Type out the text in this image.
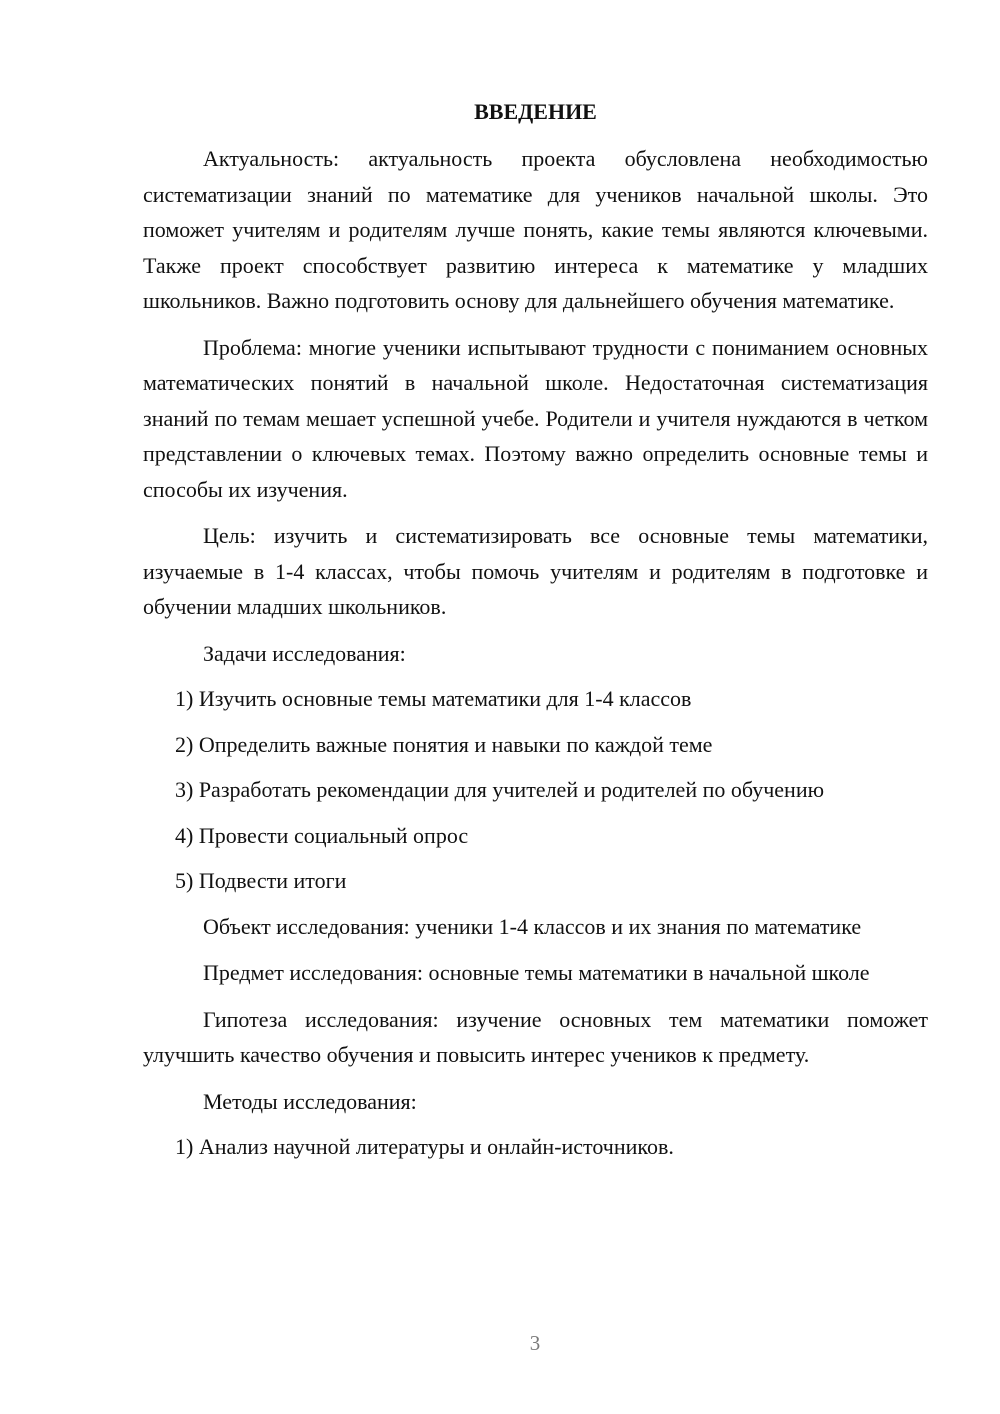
ВВЕДЕНИЕ

Актуальность: актуальность проекта обусловлена необходимостью систематизации знаний по математике для учеников начальной школы. Это поможет учителям и родителям лучше понять, какие темы являются ключевыми. Также проект способствует развитию интереса к математике у младших школьников. Важно подготовить основу для дальнейшего обучения математике.

Проблема: многие ученики испытывают трудности с пониманием основных математических понятий в начальной школе. Недостаточная систематизация знаний по темам мешает успешной учебе. Родители и учителя нуждаются в четком представлении о ключевых темах. Поэтому важно определить основные темы и способы их изучения.

Цель: изучить и систематизировать все основные темы математики, изучаемые в 1-4 классах, чтобы помочь учителям и родителям в подготовке и обучении младших школьников.

Задачи исследования:

1) Изучить основные темы математики для 1-4 классов
2) Определить важные понятия и навыки по каждой теме
3) Разработать рекомендации для учителей и родителей по обучению
4) Провести социальный опрос
5) Подвести итоги

Объект исследования: ученики 1-4 классов и их знания по математике

Предмет исследования: основные темы математики в начальной школе

Гипотеза исследования: изучение основных тем математики поможет улучшить качество обучения и повысить интерес учеников к предмету.

Методы исследования:

1) Анализ научной литературы и онлайн-источников.
3
